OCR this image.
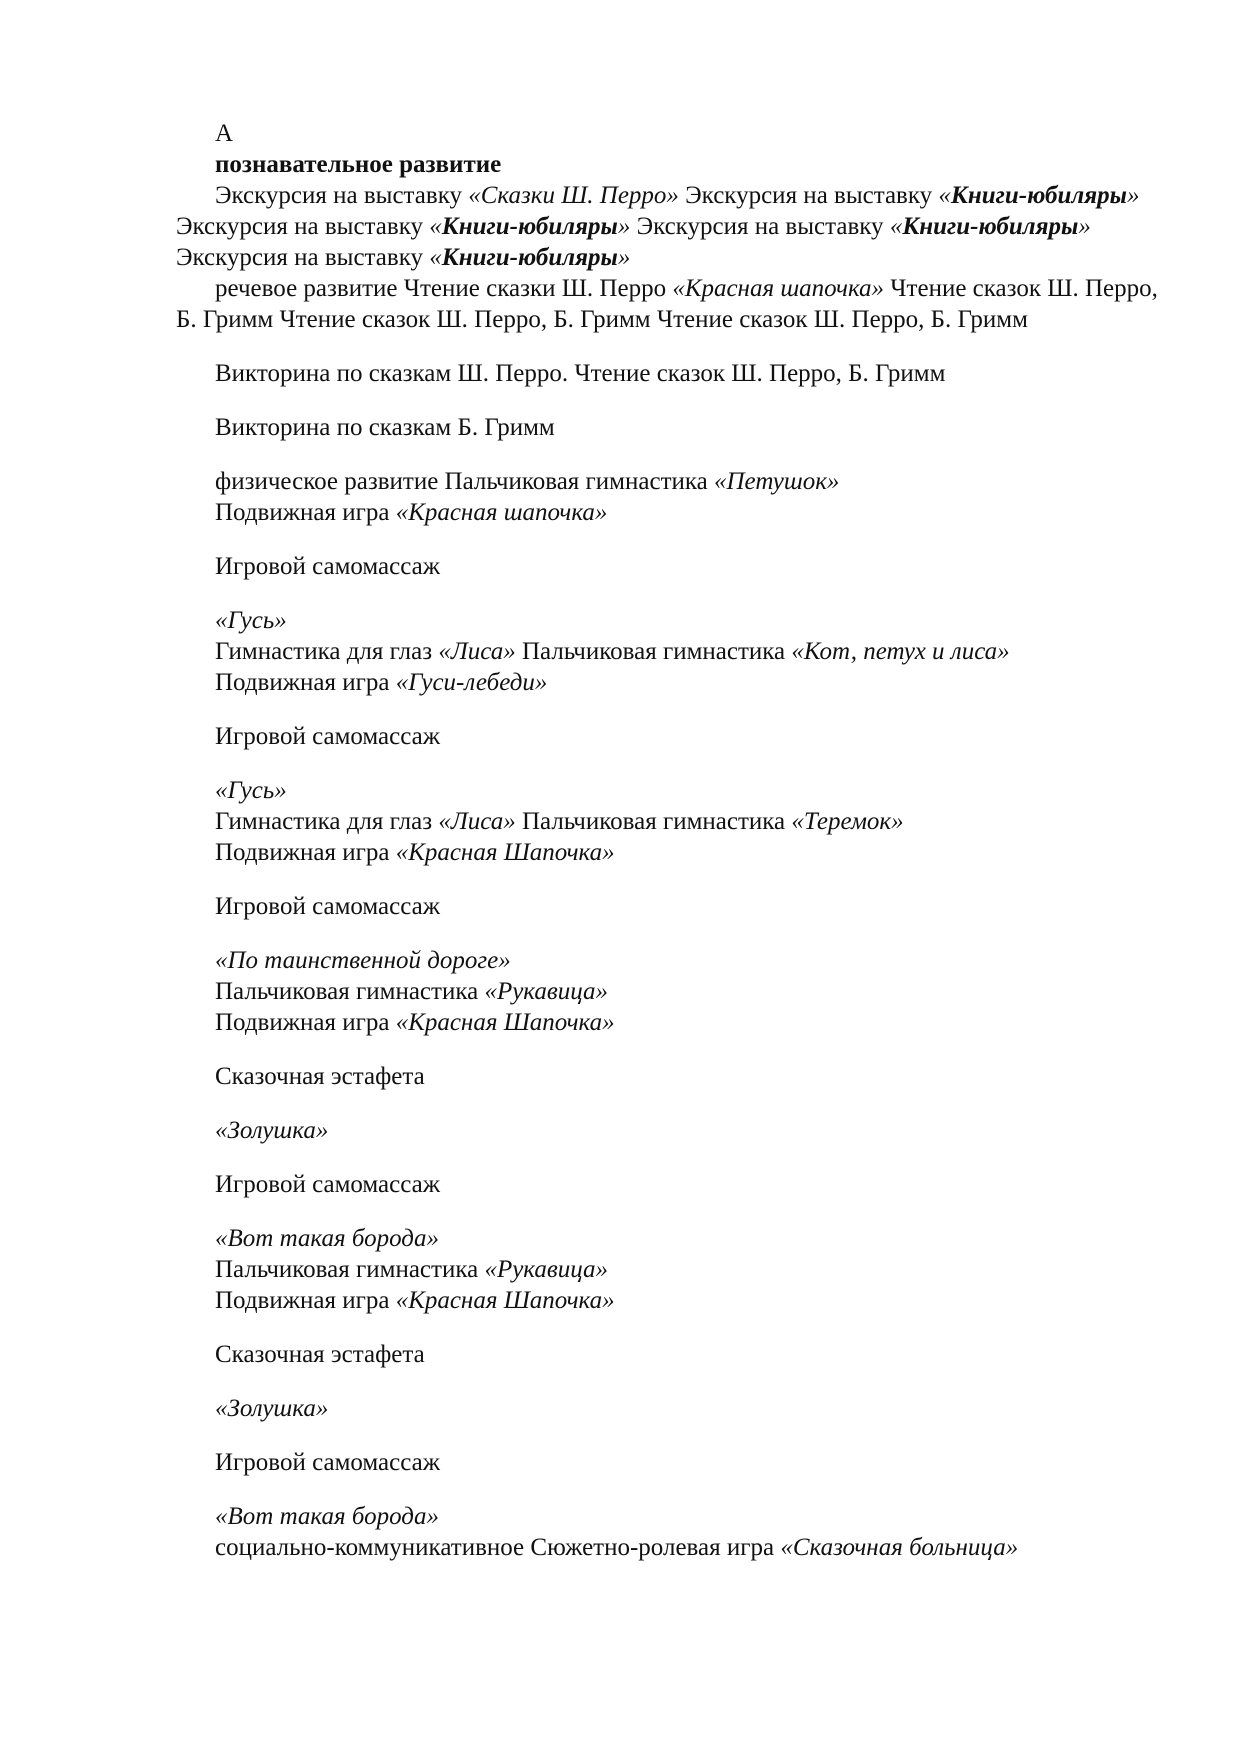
А

познавательное развитие

Экскурсия на выставку «Сказки Ш. Перро» Экскурсия на выставку «Книги-юбиляры» Экскурсия на выставку «Книги-юбиляры» Экскурсия на выставку «Книги-юбиляры» Экскурсия на выставку «Книги-юбиляры»

речевое развитие Чтение сказки Ш. Перро «Красная шапочка» Чтение сказок Ш. Перро, Б. Гримм Чтение сказок Ш. Перро, Б. Гримм Чтение сказок Ш. Перро, Б. Гримм

Викторина по сказкам Ш. Перро. Чтение сказок Ш. Перро, Б. Гримм

Викторина по сказкам Б. Гримм

физическое развитие Пальчиковая гимнастика «Петушок»

Подвижная игра «Красная шапочка»

Игровой самомассаж

«Гусь»

Гимнастика для глаз «Лиса» Пальчиковая гимнастика «Кот, петух и лиса»

Подвижная игра «Гуси-лебеди»

Игровой самомассаж

«Гусь»

Гимнастика для глаз «Лиса» Пальчиковая гимнастика «Теремок»

Подвижная игра «Красная Шапочка»

Игровой самомассаж

«По таинственной дороге»

Пальчиковая гимнастика «Рукавица»

Подвижная игра «Красная Шапочка»

Сказочная эстафета

«Золушка»

Игровой самомассаж

«Вот такая борода»

Пальчиковая гимнастика «Рукавица»

Подвижная игра «Красная Шапочка»

Сказочная эстафета

«Золушка»

Игровой самомассаж

«Вот такая борода»

социально-коммуникативное Сюжетно-ролевая игра «Сказочная больница»
